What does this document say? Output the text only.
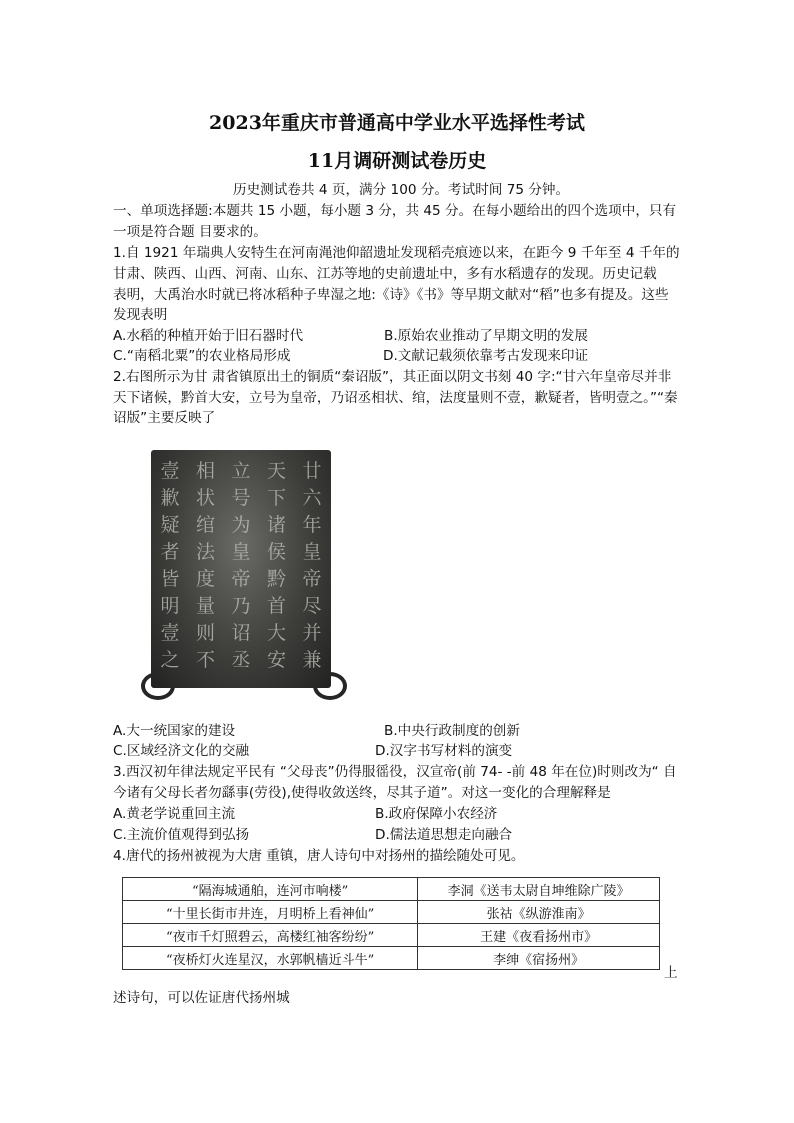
2023年重庆市普通高中学业水平选择性考试
11月调研测试卷历史
历史测试卷共 4 页，满分 100 分。考试时间 75 分钟。
一、单项选择题:本题共 15 小题，每小题 3 分，共 45 分。在每小题给出的四个选项中，只有
一项是符合题 目要求的。
1.自 1921 年瑞典人安特生在河南渑池仰韶遗址发现稻壳痕迹以来，在距今 9 千年至 4 千年的
甘肃、陕西、山西、河南、山东、江苏等地的史前遗址中，多有水稻遗存的发现。历史记载
表明，大禹治水时就已将冰稻种子卑湿之地:《诗》《书》等早期文献对“稻”也多有提及。这些
发现表明
A.水稻的种植开始于旧石器时代	B.原始农业推动了早期文明的发展
C.“南稻北粟”的农业格局形成	D.文献记载须依靠考古发现来印证
2.右图所示为甘 肃省镇原出土的铜质“秦诏版”，其正面以阴文书刻 40 字:“甘六年皇帝尽并非
天下诸候，黔首大安，立号为皇帝，乃诏丞相状、绾，法度量则不壹，歉疑者，皆明壹之。”“秦
诏版”主要反映了
廿六年皇帝尽并兼
天下诸侯黔首大安
立号为皇帝乃诏丞
相状绾法度量则不
壹歉疑者皆明壹之
A.大一统国家的建设	B.中央行政制度的创新
C.区域经济文化的交融	D.汉字书写材料的演变
3.西汉初年律法规定平民有 “父母丧”仍得服徭役，汉宣帝(前 74- -前 48 年在位)时则改为“ 自
今诸有父母长者勿繇事(劳役),使得收敛送终，尽其子道”。对这一变化的合理解释是
A.黄老学说重回主流	B.政府保障小农经济
C.主流价值观得到弘扬	D.儒法道思想走向融合
4.唐代的扬州被视为大唐 重镇，唐人诗句中对扬州的描绘随处可见。
“隔海城通舶，连河市响楼”	李洞《送韦太尉自坤维除广陵》
“十里长街市井连，月明桥上看神仙”	张祜《纵游淮南》
“夜市千灯照碧云，高楼红袖客纷纷”	王建《夜看扬州市》
“夜桥灯火连星汉，水郭帆樯近斗牛”	李绅《宿扬州》
上
述诗句，可以佐证唐代扬州城
